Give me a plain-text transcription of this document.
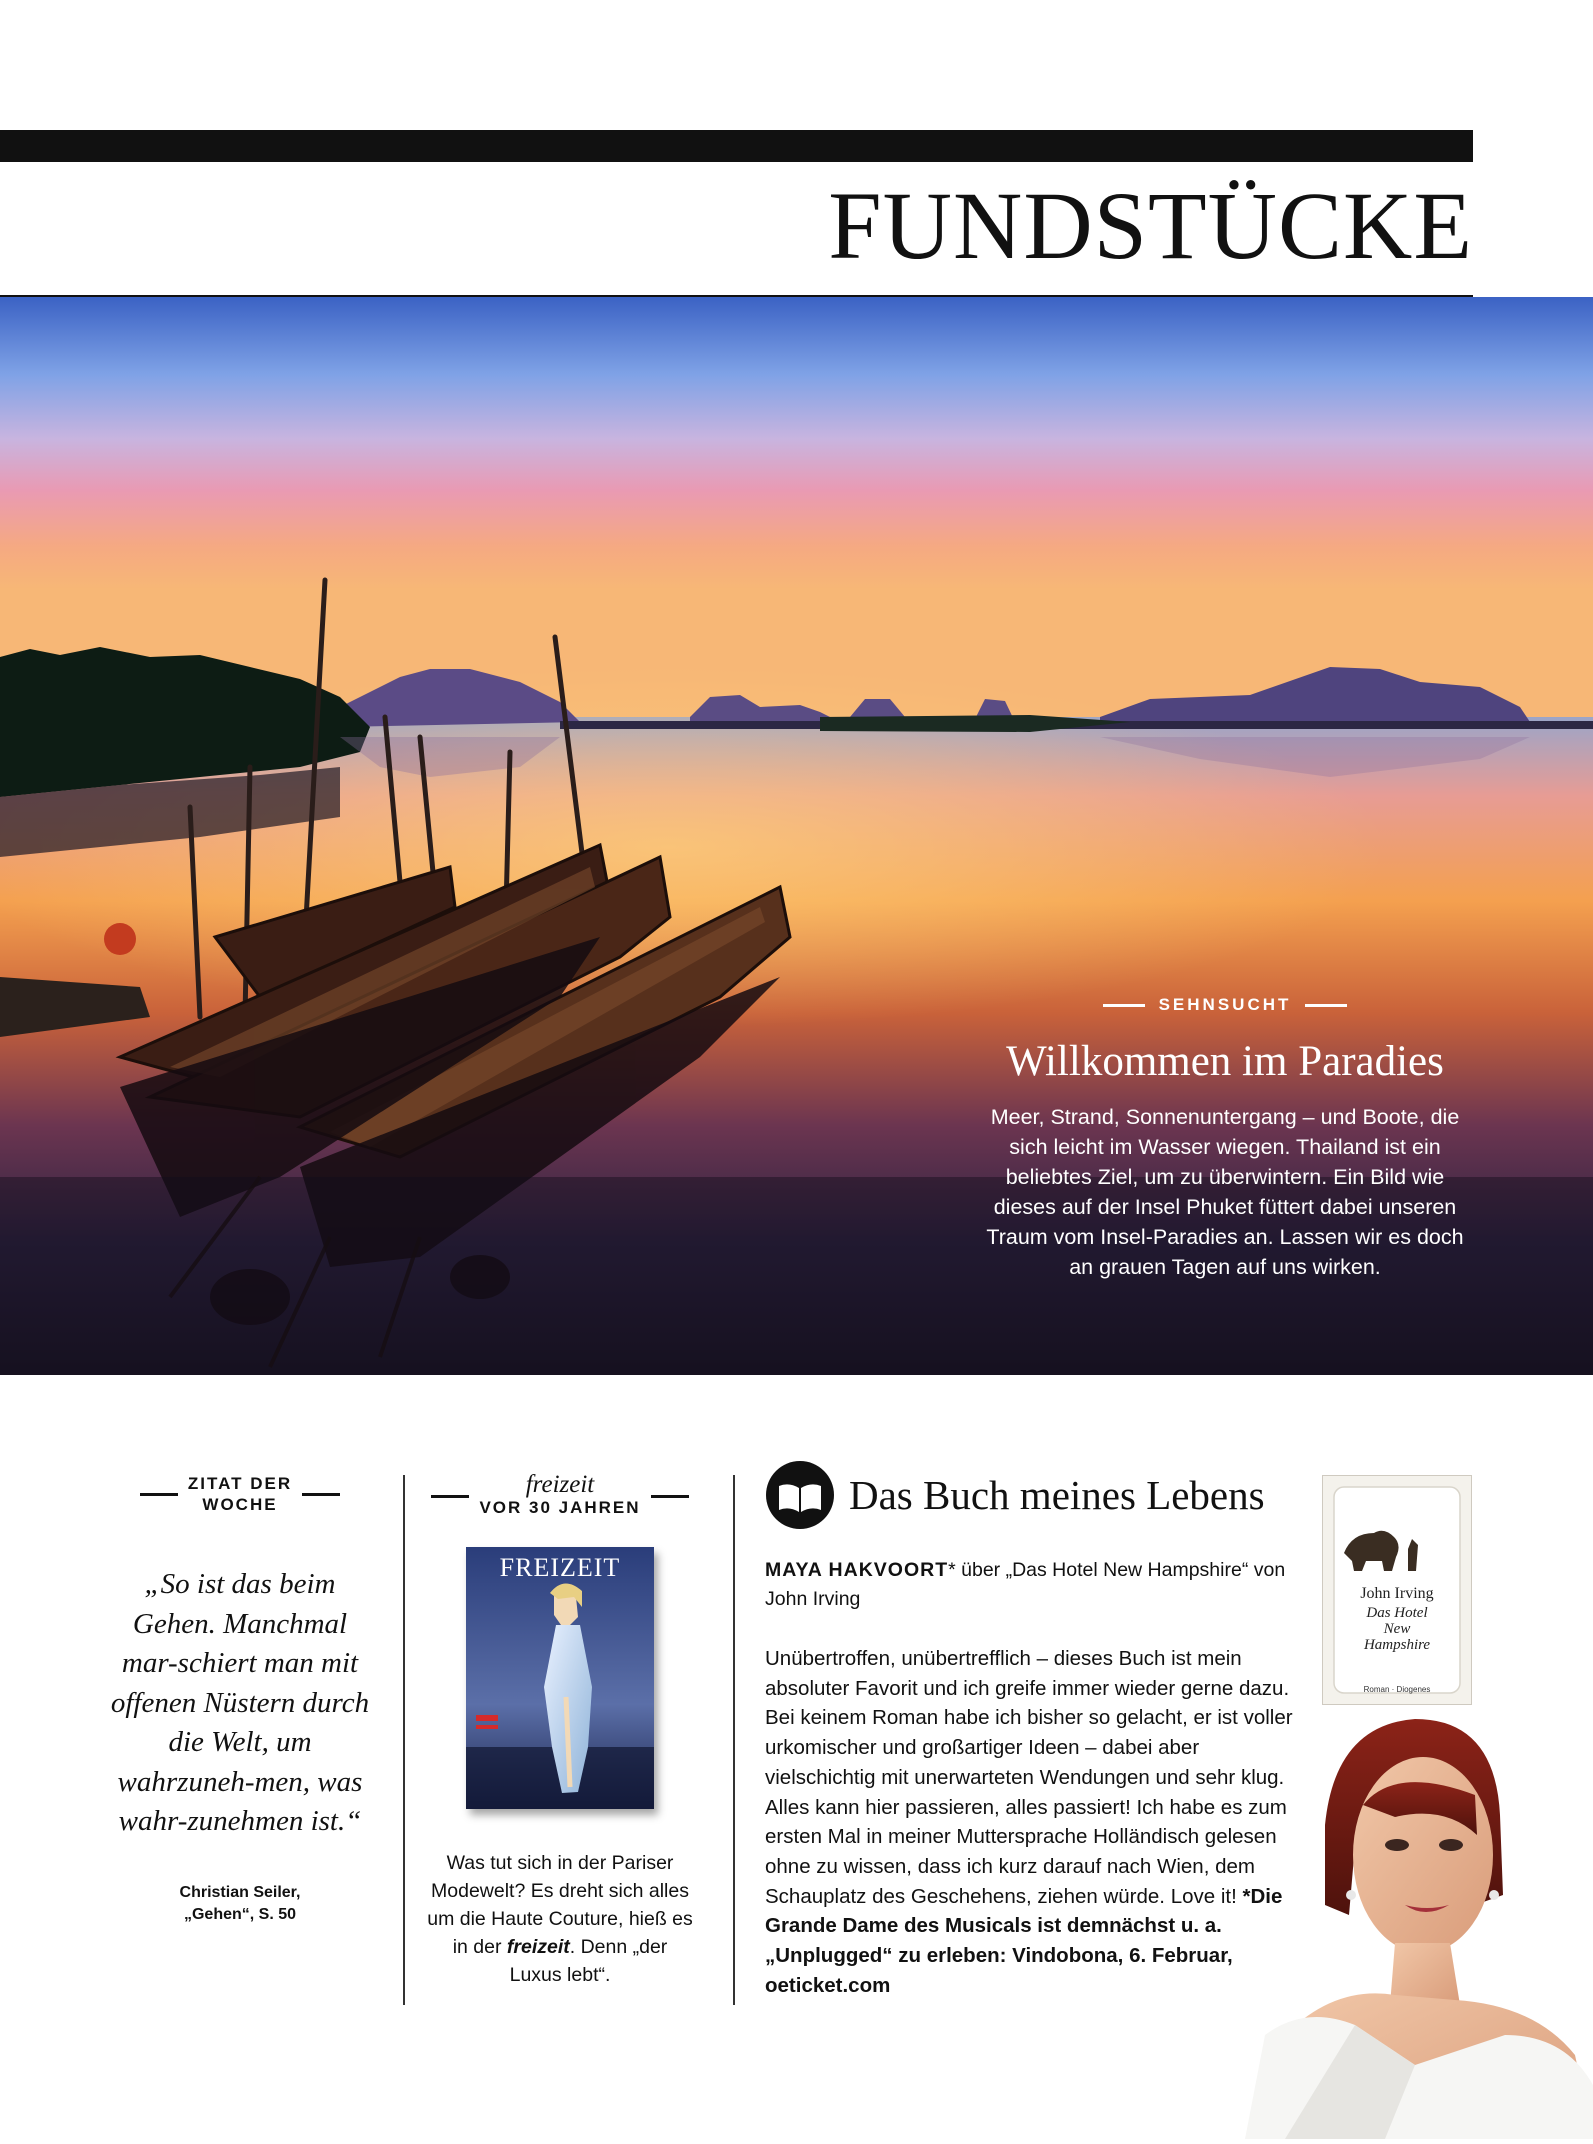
FUNDSTÜCKE
SEHNSUCHT
Willkommen im Paradies

Meer, Strand, Sonnenuntergang – und Boote, die sich leicht im Wasser wiegen. Thailand ist ein beliebtes Ziel, um zu überwintern. Ein Bild wie dieses auf der Insel Phuket füttert dabei unseren Traum vom Insel-Paradies an. Lassen wir es doch an grauen Tagen auf uns wirken.

ZITAT DER
WOCHE
„So ist das beim Gehen. Manchmal mar-schiert man mit offenen Nüstern durch die Welt, um wahrzuneh-men, was wahr-zunehmen ist.“
Christian Seiler,
„Gehen“, S. 50
freizeit
VOR 30 JAHREN
FREIZEIT
Was tut sich in der Pariser Modewelt? Es dreht sich alles um die Haute Couture, hieß es in der freizeit. Denn „der Luxus lebt“.
Das Buch meines Lebens
MAYA HAKVOORT* über „Das Hotel New Hampshire“ von John Irving
Unübertroffen, unübertrefflich – dieses Buch ist mein absoluter Favorit und ich greife immer wieder gerne dazu. Bei keinem Roman habe ich bisher so gelacht, er ist voller urkomischer und großartiger Ideen – dabei aber vielschichtig mit unerwarteten Wendungen und sehr klug. Alles kann hier passieren, alles passiert! Ich habe es zum ersten Mal in meiner Muttersprache Holländisch gelesen ohne zu wissen, dass ich kurz darauf nach Wien, dem Schauplatz des Geschehens, ziehen würde. Love it! *Die Grande Dame des Musicals ist demnächst u. a. „Unplugged“ zu erleben: Vindobona, 6. Februar, oeticket.com
John Irving
Das Hotel
New
Hampshire
Roman · Diogenes
